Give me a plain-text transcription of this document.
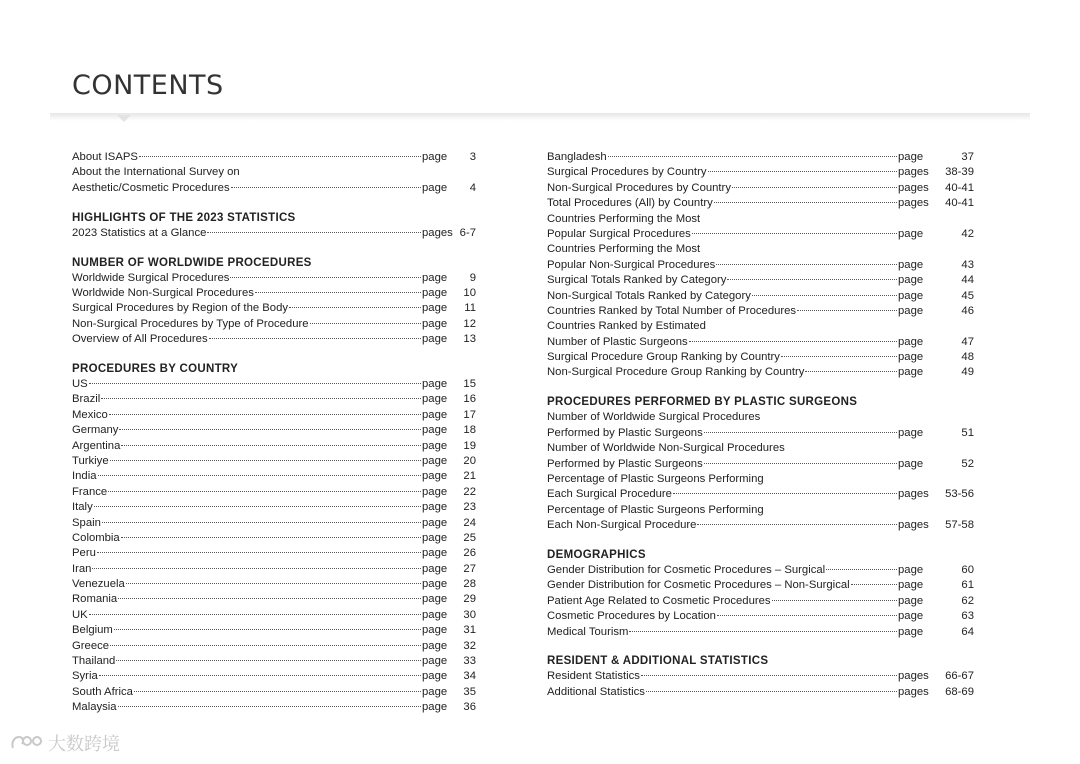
CONTENTS
About ISAPS	page	3
About the International Survey on
Aesthetic/Cosmetic Procedures	page	4
HIGHLIGHTS OF THE 2023 STATISTICS
2023 Statistics at a Glance	pages 6-7
NUMBER OF WORLDWIDE PROCEDURES
Worldwide Surgical Procedures	page	9
Worldwide Non-Surgical Procedures	page	10
Surgical Procedures by Region of the Body	page	11
Non-Surgical Procedures by Type of Procedure	page	12
Overview of All Procedures	page	13
PROCEDURES BY COUNTRY
US	page	15
Brazil	page	16
Mexico	page	17
Germany	page	18
Argentina	page	19
Turkiye	page	20
India	page	21
France	page	22
Italy	page	23
Spain	page	24
Colombia	page	25
Peru	page	26
Iran	page	27
Venezuela	page	28
Romania	page	29
UK	page	30
Belgium	page	31
Greece	page	32
Thailand	page	33
Syria	page	34
South Africa	page	35
Malaysia	page	36
Bangladesh	page	37
Surgical Procedures by Country	pages	38-39
Non-Surgical Procedures by Country	pages	40-41
Total Procedures (All) by Country	pages	40-41
Countries Performing the Most
Popular Surgical Procedures	page	42
Countries Performing the Most
Popular Non-Surgical Procedures	page	43
Surgical Totals Ranked by Category	page	44
Non-Surgical Totals Ranked by Category	page	45
Countries Ranked by Total Number of Procedures	page	46
Countries Ranked by Estimated
Number of Plastic Surgeons	page	47
Surgical Procedure Group Ranking by Country	page	48
Non-Surgical Procedure Group Ranking by Country	page	49
PROCEDURES PERFORMED BY PLASTIC SURGEONS
Number of Worldwide Surgical Procedures
Performed by Plastic Surgeons	page	51
Number of Worldwide Non-Surgical Procedures
Performed by Plastic Surgeons	page	52
Percentage of Plastic Surgeons Performing
Each Surgical Procedure	pages	53-56
Percentage of Plastic Surgeons Performing
Each Non-Surgical Procedure	pages	57-58
DEMOGRAPHICS
Gender Distribution for Cosmetic Procedures – Surgical	page	60
Gender Distribution for Cosmetic Procedures – Non-Surgical	page	61
Patient Age Related to Cosmetic Procedures	page	62
Cosmetic Procedures by Location	page	63
Medical Tourism	page	64
RESIDENT & ADDITIONAL STATISTICS
Resident Statistics	pages	66-67
Additional Statistics	pages	68-69
大数跨境
